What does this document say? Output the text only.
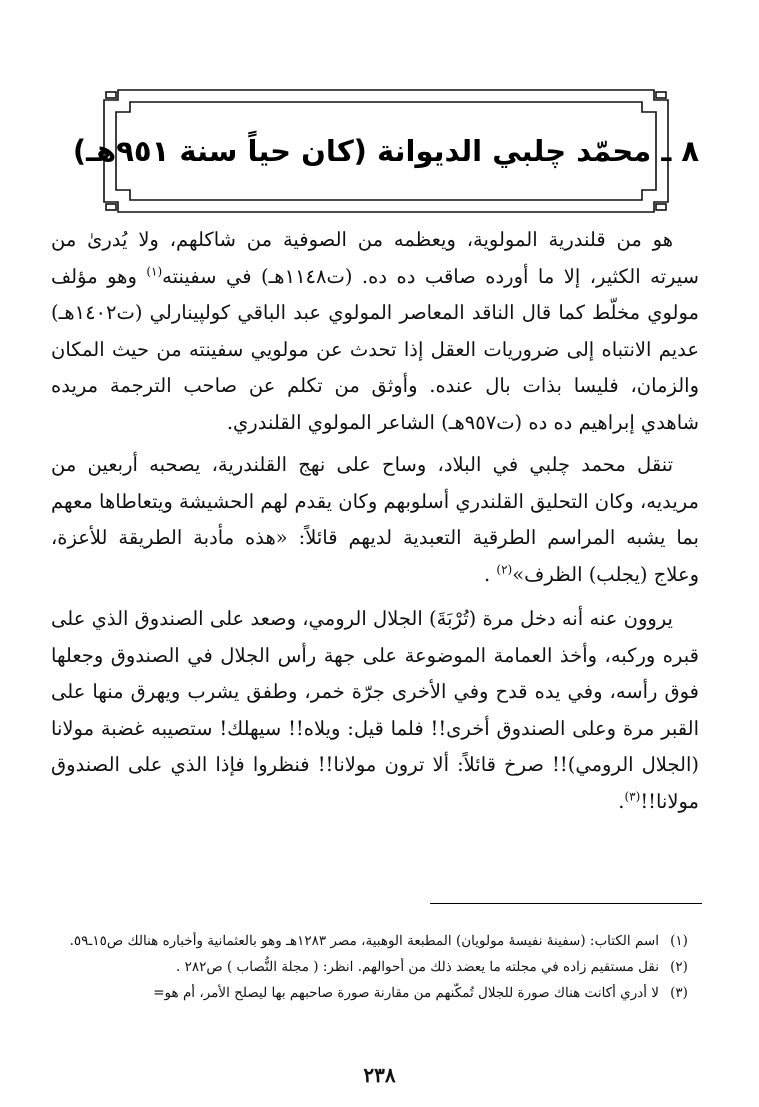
٨ ـ محمّد چلبي الديوانة (كان حياً سنة ٩٥١هـ)

هو من قلندرية المولوية، ويعظمه من الصوفية من شاكلهم، ولا يُدرىٰ من سيرته الكثير، إلا ما أورده صاقب ده ده. (ت١١٤٨هـ) في سفينته$^{(١)}$ وهو مؤلف مولوي مخلّط كما قال الناقد المعاصر المولوي عبد الباقي كولپينارلي (ت١٤٠٢هـ) عديم الانتباه إلى ضروريات العقل إذا تحدث عن مولويي سفينته من حيث المكان والزمان، فليسا بذات بال عنده. وأوثق من تكلم عن صاحب الترجمة مريده شاهدي إبراهيم ده ده (ت٩٥٧هـ) الشاعر المولوي القلندري.

تنقل محمد چلبي في البلاد، وساح على نهج القلندرية، يصحبه أربعين من مريديه، وكان التحليق القلندري أسلوبهم وكان يقدم لهم الحشيشة ويتعاطاها معهم بما يشبه المراسم الطرقية التعبدية لديهم قائلاً: «هذه مأدبة الطريقة للأعزة، وعلاج (يجلب) الظرف»$^{(٢)}$ .

يروون عنه أنه دخل مرة (تُرْبَةَ) الجلال الرومي، وصعد على الصندوق الذي على قبره وركبه، وأخذ العمامة الموضوعة على جهة رأس الجلال في الصندوق وجعلها فوق رأسه، وفي يده قدح وفي الأخرى جرّة خمر، وطفق يشرب ويهرق منها على القبر مرة وعلى الصندوق أخرى!! فلما قيل: ويلاه!! سيهلك! ستصيبه غضبة مولانا (الجلال الرومي)!! صرخ قائلاً: ألا ترون مولانا!! فنظروا فإذا الذي على الصندوق مولانا!!$^{(٣)}$.

(١)
اسم الكتاب: (سفينهٔ نفيسهٔ مولويان) المطبعة الوهبية، مصر ١٢٨٣هـ وهو بالعثمانية وأخباره هنالك ص١٥ـ٥٩.
(٢)
نقل مستقيم زاده في مجلته ما يعضد ذلك من أحوالهم. انظر: ( مجلة النُّصاب ) ص٢٨٢ .
(٣)
لا أدري أكانت هناك صورة للجلال تُمكّنهم من مقارنة صورة صاحبهم بها ليصلح الأمر، أم هو=
٢٣٨
